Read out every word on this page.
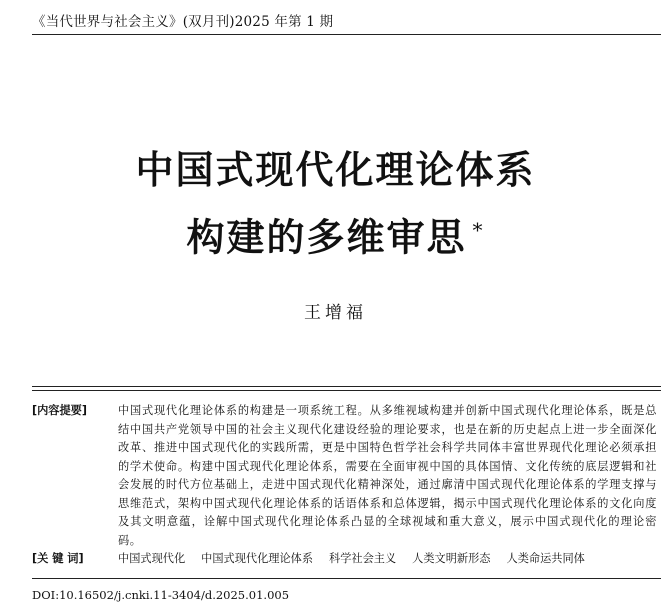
《当代世界与社会主义》(双月刊)2025 年第 1 期
中国式现代化理论体系
构建的多维审思 *
王增福
[内容提要]	中国式现代化理论体系的构建是一项系统工程。从多维视域构建并创新中国式现代化理论体系，既是总结中国共产党领导中国的社会主义现代化建设经验的理论要求，也是在新的历史起点上进一步全面深化改革、推进中国式现代化的实践所需，更是中国特色哲学社会科学共同体丰富世界现代化理论必须承担的学术使命。构建中国式现代化理论体系，需要在全面审视中国的具体国情、文化传统的底层逻辑和社会发展的时代方位基础上，走进中国式现代化精神深处，通过廓清中国式现代化理论体系的学理支撑与思维范式，架构中国式现代化理论体系的话语体系和总体逻辑，揭示中国式现代化理论体系的文化向度及其文明意蕴，诠解中国式现代化理论体系凸显的全球视域和重大意义，展示中国式现代化的理论密码。
[关 键 词]	中国式现代化 中国式现代化理论体系 科学社会主义 人类文明新形态 人类命运共同体
DOI:10.16502/j.cnki.11-3404/d.2025.01.005
